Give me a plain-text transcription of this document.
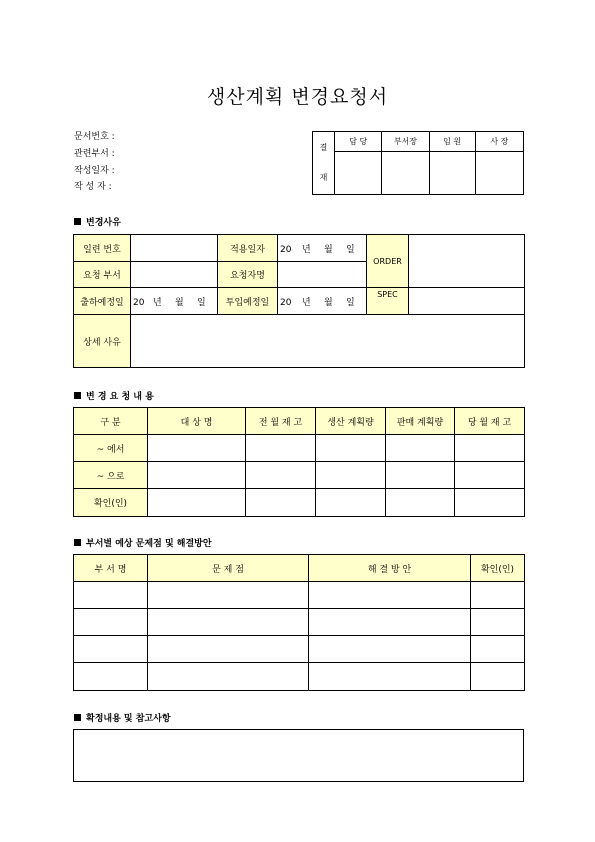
생산계획 변경요청서
문서번호 :
관련부서 :
작성일자 :
작 성 자 :
결
재	담 당	부서장	임 원	사 장

변경사유
일련 번호		적용일자	20 년 월 일	ORDER	
요청 부서		요청자명			
출하예정일	20 년 월 일	투입예정일	20 년 월 일	SPEC	
상세 사유					
변 경 요 청 내 용
구 분	대 상 명	전 월 재 고	생산 계획량	판매 계획량	당 월 재 고
~ 에서					
~ 으로					
확인(인)					
부서별 예상 문제점 및 해결방안
부 서 명	문 제 점	해 결 방 안	확인(인)

확정내용 및 참고사항
